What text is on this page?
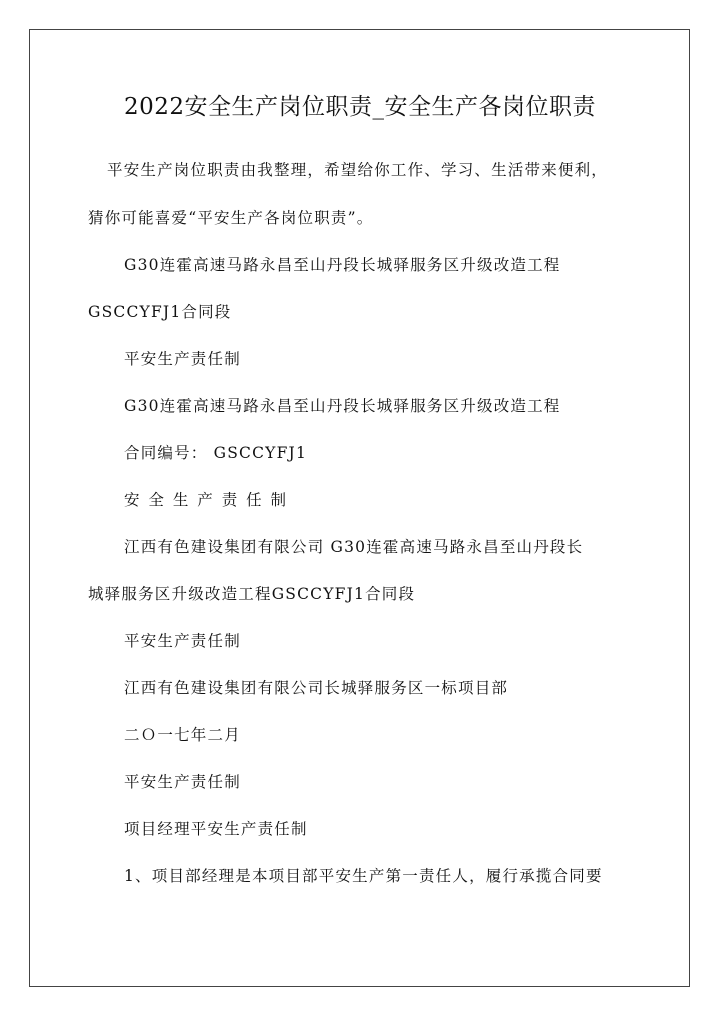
2022安全生产岗位职责_安全生产各岗位职责
平安生产岗位职责由我整理，希望给你工作、学习、生活带来便利，
猜你可能喜爱“平安生产各岗位职责”。
G30连霍高速马路永昌至山丹段长城驿服务区升级改造工程
GSCCYFJ1合同段
平安生产责任制
G30连霍高速马路永昌至山丹段长城驿服务区升级改造工程
合同编号： GSCCYFJ1
安 全 生 产 责 任 制
江西有色建设集团有限公司 G30连霍高速马路永昌至山丹段长
城驿服务区升级改造工程GSCCYFJ1合同段
平安生产责任制
江西有色建设集团有限公司长城驿服务区一标项目部
二Ｏ一七年二月
平安生产责任制
项目经理平安生产责任制
1、项目部经理是本项目部平安生产第一责任人，履行承揽合同要
